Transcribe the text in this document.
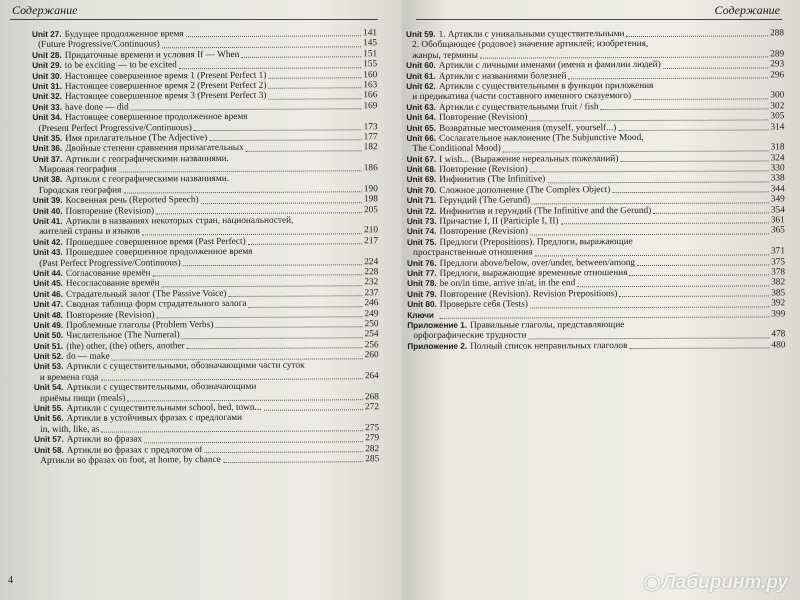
Содержание
Unit 27. Будущее продолженное время	141
(Future Progressive/Continuous)	145
Unit 28. Придаточные времени и условия If — When	151
Unit 29. to be exciting — to be excited	155
Unit 30. Настоящее совершенное время 1 (Present Perfect 1)	160
Unit 31. Настоящее совершенное время 2 (Present Perfect 2)	163
Unit 32. Настоящее совершенное время 3 (Present Perfect 3)	166
Unit 33. have done — did	169
Unit 34. Настоящее совершенное продолженное время
(Present Perfect Progressive/Continuous)	173
Unit 35. Имя прилагательное (The Adjective)	177
Unit 36. Двойные степени сравнения прилагательных	182
Unit 37. Артикли с географическими названиями.
Мировая география	186
Unit 38. Артикли с географическими названиями.
Городская география	190
Unit 39. Косвенная речь (Reported Speech)	198
Unit 40. Повторение (Revision)	205
Unit 41. Артикли в названиях некоторых стран, национальностей,
жителей страны и языков	210
Unit 42. Прошедшее совершенное время (Past Perfect)	217
Unit 43. Прошедшее совершенное продолженное время
(Past Perfect Progressive/Continuous)	224
Unit 44. Согласование времён	228
Unit 45. Несогласование времён	232
Unit 46. Страдательный залог (The Passive Voice)	237
Unit 47. Сводная таблица форм страдательного залога	246
Unit 48. Повторение (Revision)	249
Unit 49. Проблемные глаголы (Problem Verbs)	250
Unit 50. Числительное (The Numeral)	254
Unit 51. (the) other, (the) others, another	256
Unit 52. do — make	260
Unit 53. Артикли с существительными, обозначающими части суток
и времена года	264
Unit 54. Артикли с существительными, обозначающими
приёмы пищи (meals)	268
Unit 55. Артикли с существительными school, bed, town...	272
Unit 56. Артикли в устойчивых фразах с предлогами
in, with, like, as	275
Unit 57. Артикли во фразах	279
Unit 58. Артикли во фразах с предлогом of	282
Артикли во фразах on foot, at home, by chance	285
4
Содержание
Unit 59. 1. Артикли с уникальными существительными	288
2. Обобщающее (родовое) значение артиклей; изобретения,
жанры, термины	289
Unit 60. Артикли с личными именами (имена и фамилии людей)	293
Unit 61. Артикли с названиями болезней	296
Unit 62. Артикли с существительными в функции приложения
и предикатива (части составного именного сказуемого)	300
Unit 63. Артикли с существительными fruit / fish	302
Unit 64. Повторение (Revision)	305
Unit 65. Возвратные местоимения (myself, yourself...)	314
Unit 66. Сослагательное наклонение (The Subjunctive Mood,
The Conditional Mood)	318
Unit 67. I wish... (Выражение нереальных пожеланий)	324
Unit 68. Повторение (Revision)	330
Unit 69. Инфинитив (The Infinitive)	338
Unit 70. Сложное дополнение (The Complex Object)	344
Unit 71. Герундий (The Gerund)	349
Unit 72. Инфинитив и герундий (The Infinitive and the Gerund)	354
Unit 73. Причастие I, II (Participle I, II)	361
Unit 74. Повторение (Revision)	365
Unit 75. Предлоги (Prepositions). Предлоги, выражающие
пространственные отношения	371
Unit 76. Предлоги above/below, over/under, between/among	375
Unit 77. Предлоги, выражающие временные отношения	378
Unit 78. be on/in time, arrive in/at, in the end	382
Unit 79. Повторение (Revision). Revision Prepositions)	385
Unit 80. Проверьте себя (Tests)	392
Ключи	399
Приложение 1. Правильные глаголы, представляющие
орфографические трудности	478
Приложение 2. Полный список неправильных глаголов	480
◉ Лабиринт.ру
